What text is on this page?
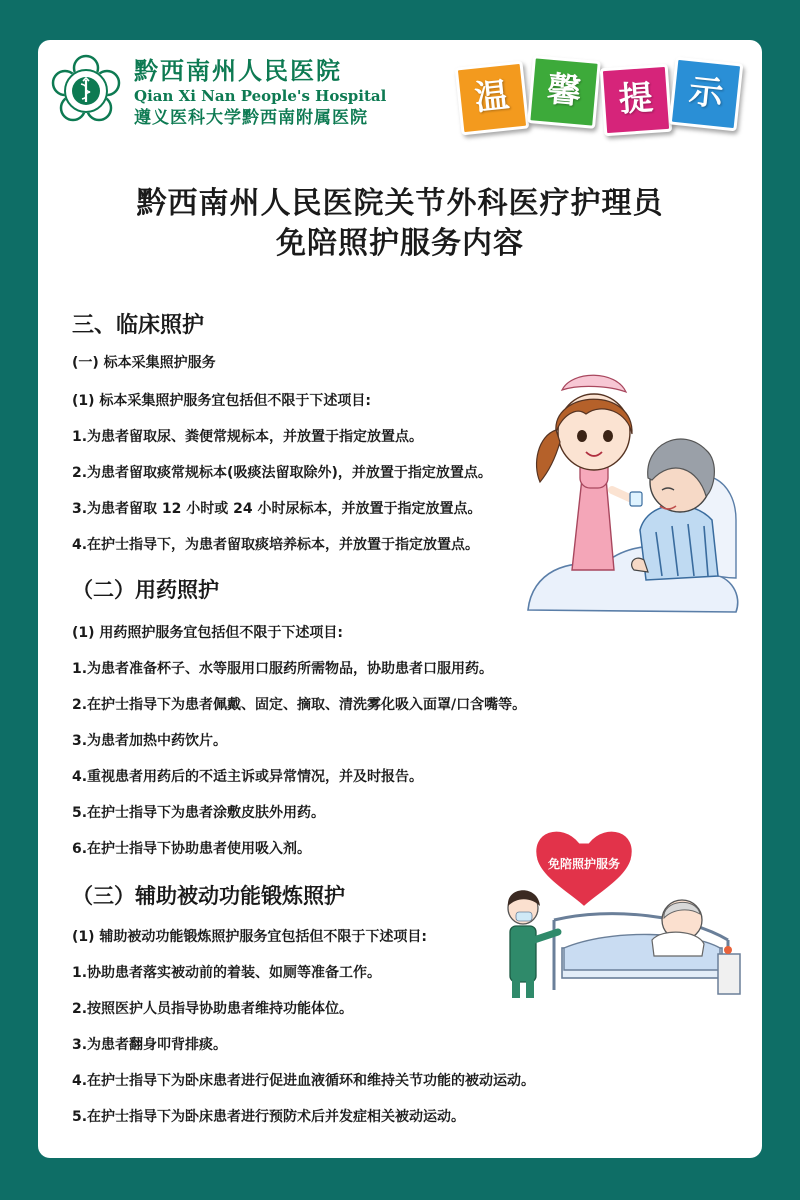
黔西南州人民医院
Qian Xi Nan People's Hospital
遵义医科大学黔西南附属医院	温	馨	提 示
黔西南州人民医院关节外科医疗护理员
免陪照护服务内容
三、临床照护
(一) 标本采集照护服务
(1) 标本采集照护服务宜包括但不限于下述项目:
1.为患者留取尿、粪便常规标本，并放置于指定放置点。
2.为患者留取痰常规标本(吸痰法留取除外)，并放置于指定放置点。
3.为患者留取 12 小时或 24 小时尿标本，并放置于指定放置点。
4.在护士指导下，为患者留取痰培养标本，并放置于指定放置点。
（二）用药照护
(1) 用药照护服务宜包括但不限于下述项目:
1.为患者准备杯子、水等服用口服药所需物品，协助患者口服用药。
2.在护士指导下为患者佩戴、固定、摘取、清洗雾化吸入面罩/口含嘴等。
3.为患者加热中药饮片。
4.重视患者用药后的不适主诉或异常情况，并及时报告。
5.在护士指导下为患者涂敷皮肤外用药。
6.在护士指导下协助患者使用吸入剂。
（三）辅助被动功能锻炼照护
(1) 辅助被动功能锻炼照护服务宜包括但不限于下述项目:
1.协助患者落实被动前的着装、如厕等准备工作。
2.按照医护人员指导协助患者维持功能体位。
3.为患者翻身叩背排痰。
4.在护士指导下为卧床患者进行促进血液循环和维持关节功能的被动运动。
5.在护士指导下为卧床患者进行预防术后并发症相关被动运动。
免陪照护服务
